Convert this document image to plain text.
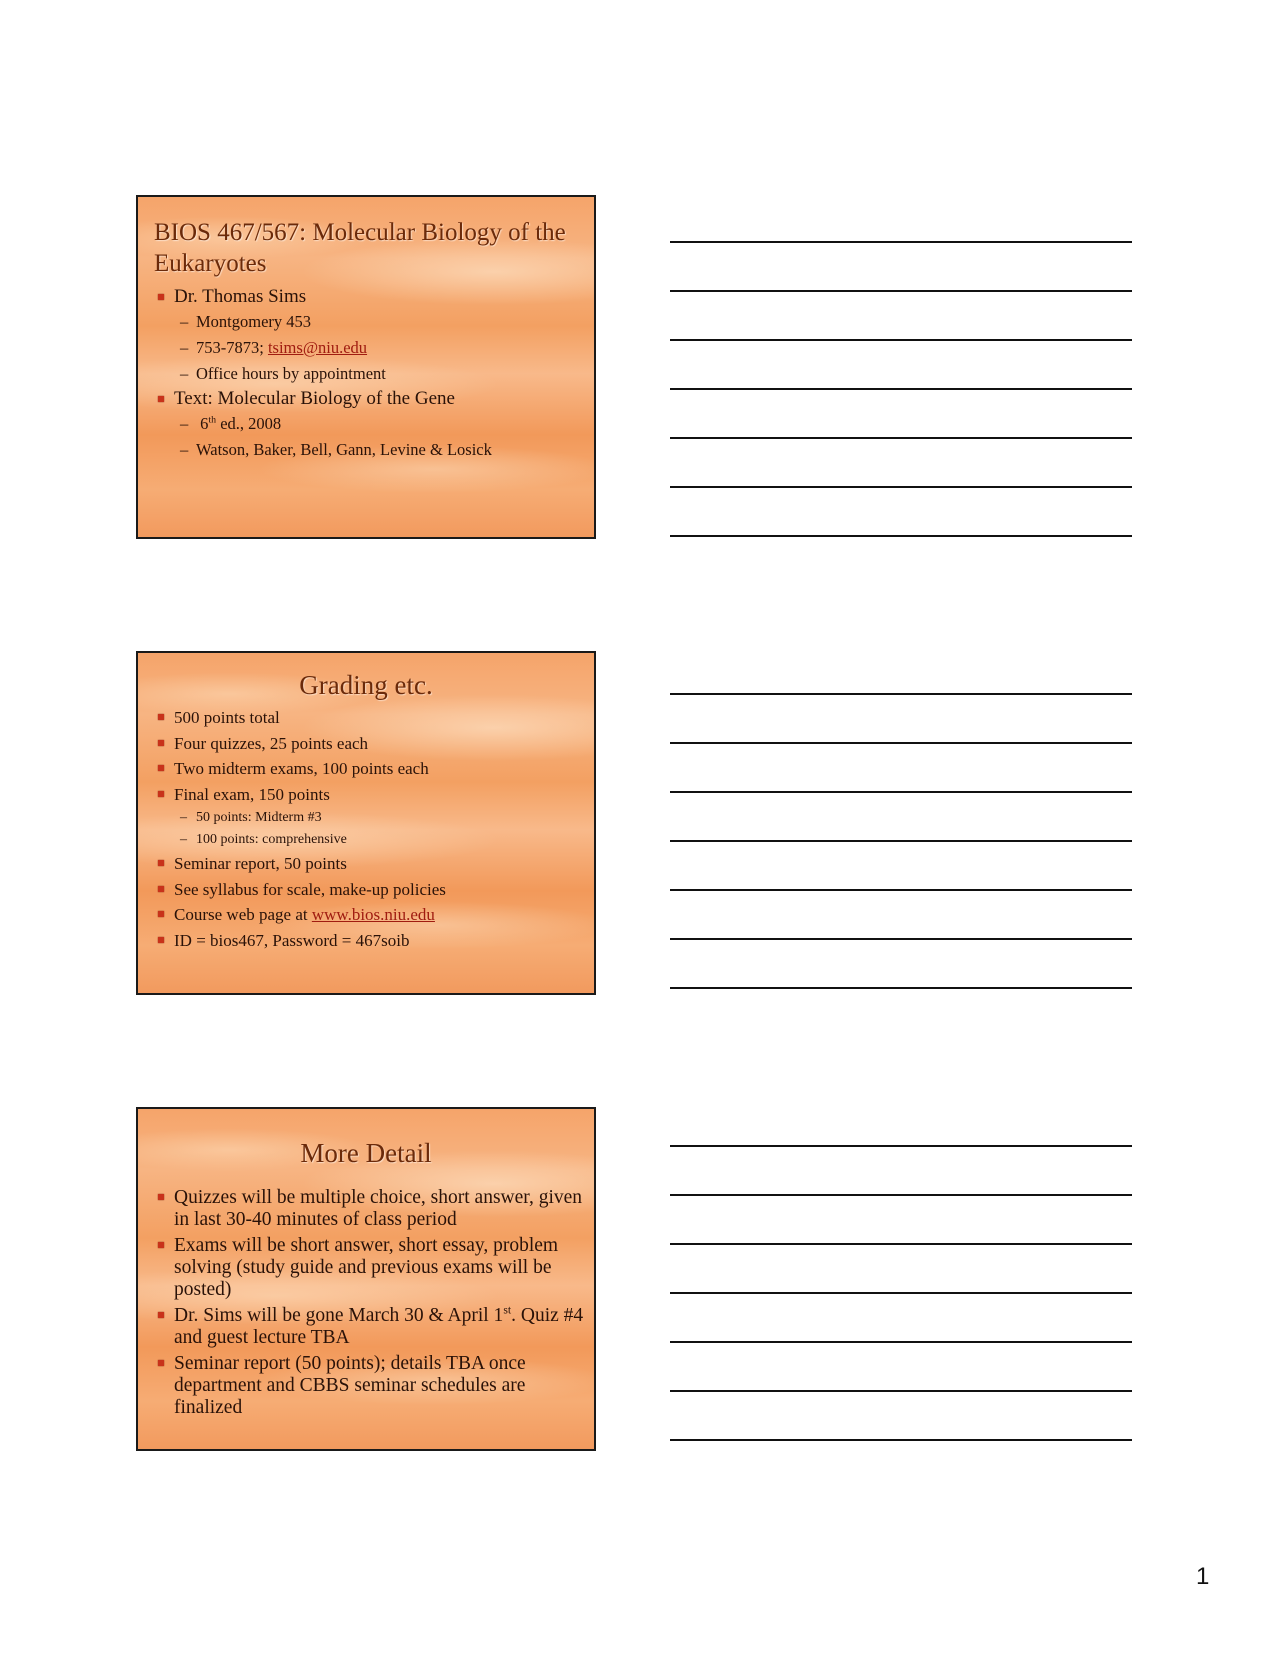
BIOS 467/567: Molecular Biology of the Eukaryotes
Dr. Thomas Sims
– Montgomery 453
– 753-7873; tsims@niu.edu
– Office hours by appointment
Text: Molecular Biology of the Gene
– 6th ed., 2008
– Watson, Baker, Bell, Gann, Levine & Losick
Grading etc.
500 points total
Four quizzes, 25 points each
Two midterm exams, 100 points each
Final exam, 150 points
– 50 points: Midterm #3
– 100 points: comprehensive
Seminar report, 50 points
See syllabus for scale, make-up policies
Course web page at www.bios.niu.edu
ID = bios467, Password = 467soib
More Detail
Quizzes will be multiple choice, short answer, given in last 30-40 minutes of class period
Exams will be short answer, short essay, problem solving (study guide and previous exams will be posted)
Dr. Sims will be gone March 30 & April 1st. Quiz #4 and guest lecture TBA
Seminar report (50 points); details TBA once department and CBBS seminar schedules are finalized
1
